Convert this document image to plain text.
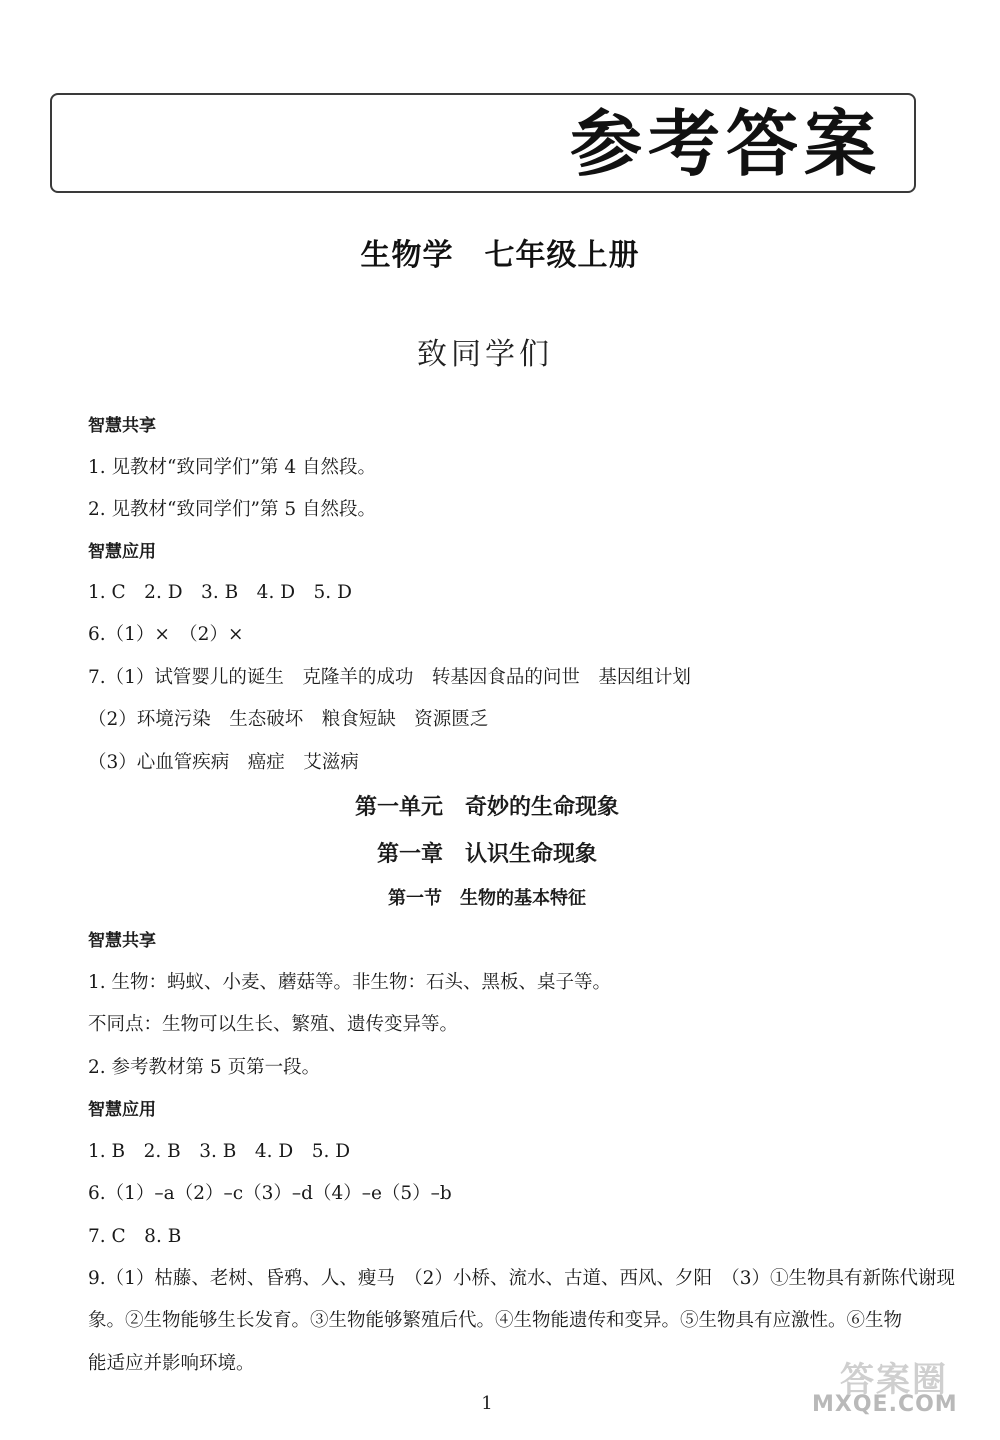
参考答案
生物学　七年级上册
致同学们
智慧共享
1. 见教材“致同学们”第 4 自然段。
2. 见教材“致同学们”第 5 自然段。
智慧应用
1. C　2. D　3. B　4. D　5. D
6.（1）×　（2）×
7.（1）试管婴儿的诞生　克隆羊的成功　转基因食品的问世　基因组计划
（2）环境污染　生态破坏　粮食短缺　资源匮乏
（3）心血管疾病　癌症　艾滋病
第一单元　奇妙的生命现象
第一章　认识生命现象
第一节　生物的基本特征
智慧共享
1. 生物：蚂蚁、小麦、蘑菇等。非生物：石头、黑板、桌子等。
不同点：生物可以生长、繁殖、遗传变异等。
2. 参考教材第 5 页第一段。
智慧应用
1. B　2. B　3. B　4. D　5. D
6.（1）–a（2）–c（3）–d（4）–e（5）–b
7. C　8. B
9.（1）枯藤、老树、昏鸦、人、瘦马　（2）小桥、流水、古道、西风、夕阳　（3）①生物具有新陈代谢现
象。②生物能够生长发育。③生物能够繁殖后代。④生物能遗传和变异。⑤生物具有应激性。⑥生物
能适应并影响环境。
1
答案圈
MXQE.COM
